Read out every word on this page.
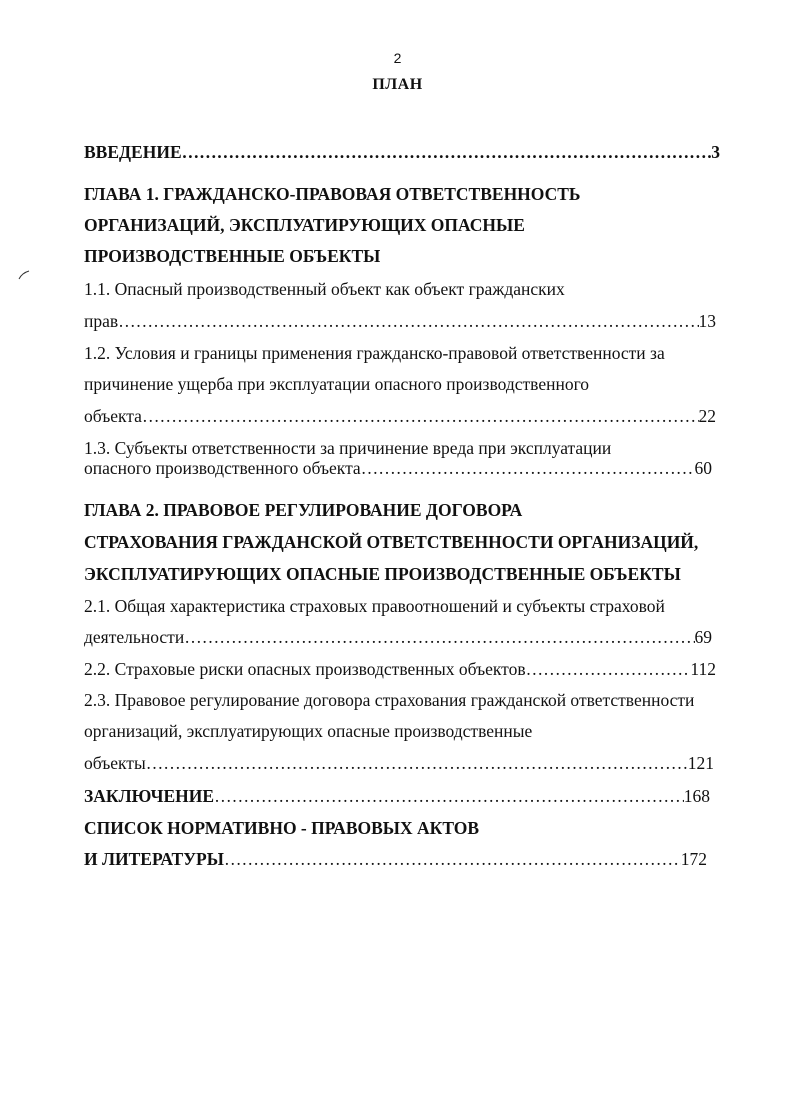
2
ПЛАН
ВВЕДЕНИЕ …………………………………………………………………………………………………………………………………………………………………………………………………	3
ГЛАВА 1. ГРАЖДАНСКО-ПРАВОВАЯ ОТВЕТСТВЕННОСТЬ
ОРГАНИЗАЦИЙ, ЭКСПЛУАТИРУЮЩИХ ОПАСНЫЕ
ПРОИЗВОДСТВЕННЫЕ ОБЪЕКТЫ
1.1. Опасный производственный объект как объект гражданских
прав …………………………………………………………………………………………………………………………………………………………………………………………………	13
1.2. Условия и границы применения гражданско-правовой ответственности за
причинение ущерба при эксплуатации опасного производственного
объекта …………………………………………………………………………………………………………………………………………………………………………………………………	22
1.3. Субъекты ответственности за причинение вреда при эксплуатации
опасного производственного объекта …………………………………………………………………………………………………………………………………………………………………………………………………	60
ГЛАВА 2. ПРАВОВОЕ РЕГУЛИРОВАНИЕ ДОГОВОРА
СТРАХОВАНИЯ ГРАЖДАНСКОЙ ОТВЕТСТВЕННОСТИ ОРГАНИЗАЦИЙ,
ЭКСПЛУАТИРУЮЩИХ ОПАСНЫЕ ПРОИЗВОДСТВЕННЫЕ ОБЪЕКТЫ
2.1. Общая характеристика страховых правоотношений и субъекты страховой
деятельности …………………………………………………………………………………………………………………………………………………………………………………………………	69
2.2. Страховые риски опасных производственных объектов …………………………………………………………………………………………………………………………………………………………………………………………………	112
2.3. Правовое регулирование договора страхования гражданской ответственности
организаций, эксплуатирующих опасные производственные
объекты …………………………………………………………………………………………………………………………………………………………………………………………………	121
ЗАКЛЮЧЕНИЕ …………………………………………………………………………………………………………………………………………………………………………………………………	168
СПИСОК НОРМАТИВНО - ПРАВОВЫХ АКТОВ
И ЛИТЕРАТУРЫ …………………………………………………………………………………………………………………………………………………………………………………………………	172
